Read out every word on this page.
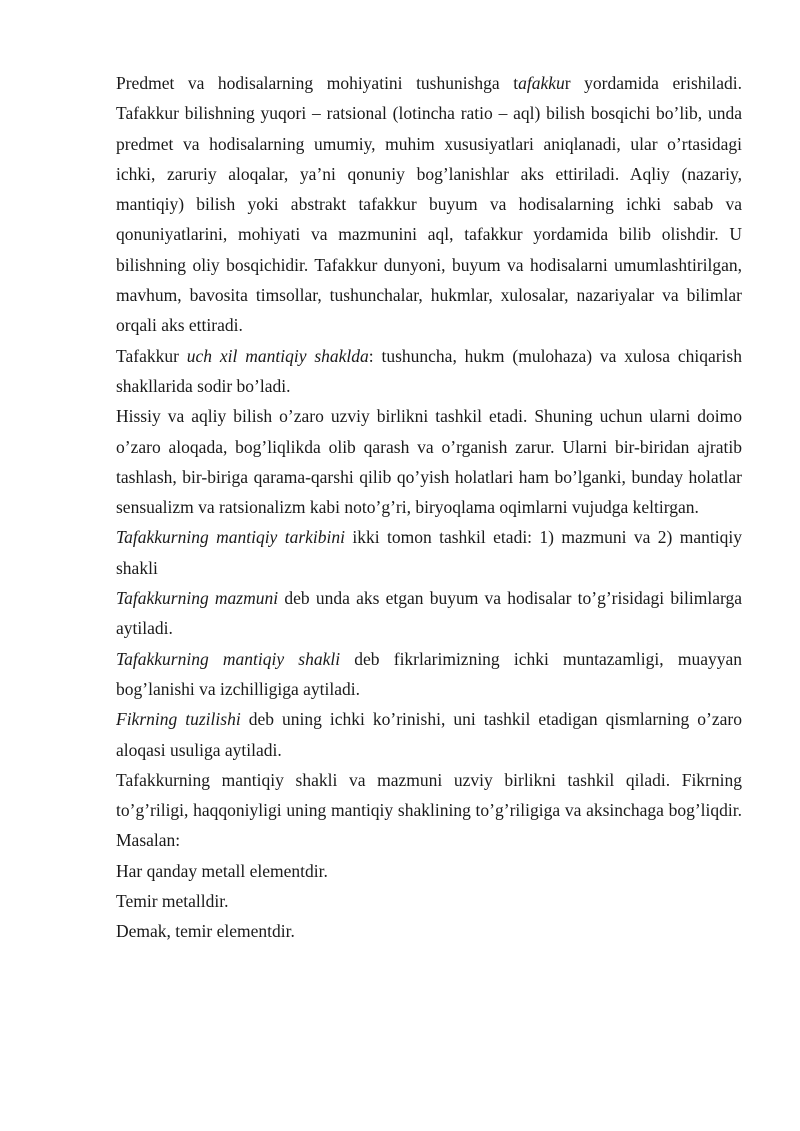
Predmet va hodisalarning mohiyatini tushunishga tafakkur yordamida erishiladi. Tafakkur bilishning yuqori – ratsional (lotincha ratio – aql) bilish bosqichi bo’lib, unda predmet va hodisalarning umumiy, muhim xususiyatlari aniqlanadi, ular o’rtasidagi ichki, zaruriy aloqalar, ya’ni qonuniy bog’lanishlar aks ettiriladi. Aqliy (nazariy, mantiqiy) bilish yoki abstrakt tafakkur buyum va hodisalarning ichki sabab va qonuniyatlarini, mohiyati va mazmunini aql, tafakkur yordamida bilib olishdir. U bilishning oliy bosqichidir. Tafakkur dunyoni, buyum va hodisalarni umumlashtirilgan, mavhum, bavosita timsollar, tushunchalar, hukmlar, xulosalar, nazariyalar va bilimlar orqali aks ettiradi.

Tafakkur uch xil mantiqiy shaklda: tushuncha, hukm (mulohaza) va xulosa chiqarish shakllarida sodir bo’ladi.

Hissiy va aqliy bilish o’zaro uzviy birlikni tashkil etadi. Shuning uchun ularni doimo o’zaro aloqada, bog’liqlikda olib qarash va o’rganish zarur. Ularni bir-biridan ajratib tashlash, bir-biriga qarama-qarshi qilib qo’yish holatlari ham bo’lganki, bunday holatlar sensualizm va ratsionalizm kabi noto’g’ri, biryoqlama oqimlarni vujudga keltirgan.

Tafakkurning mantiqiy tarkibini ikki tomon tashkil etadi: 1) mazmuni va 2) mantiqiy shakli

Tafakkurning mazmuni deb unda aks etgan buyum va hodisalar to’g’risidagi bilimlarga aytiladi.

Tafakkurning mantiqiy shakli deb fikrlarimizning ichki muntazamligi, muayyan bog’lanishi va izchilligiga aytiladi.

Fikrning tuzilishi deb uning ichki ko’rinishi, uni tashkil etadigan qismlarning o’zaro aloqasi usuliga aytiladi.

Tafakkurning mantiqiy shakli va mazmuni uzviy birlikni tashkil qiladi. Fikrning to’g’riligi, haqqoniyligi uning mantiqiy shaklining to’g’riligiga va aksinchaga bog’liqdir. Masalan:

Har qanday metall elementdir.

Temir metalldir.

Demak, temir elementdir.
